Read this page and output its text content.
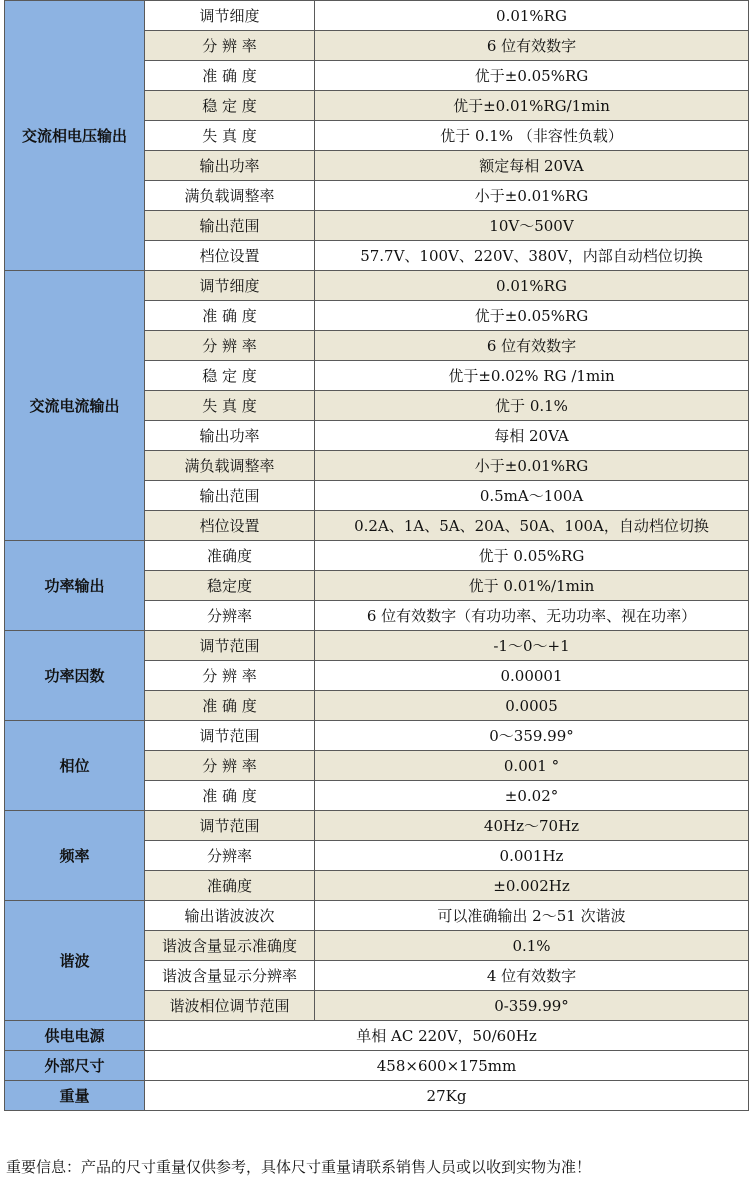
交流相电压输出	调节细度	0.01%RG
	分 辨 率	6 位有效数字
	准 确 度	优于±0.05%RG
	稳 定 度	优于±0.01%RG/1min
	失 真 度	优于 0.1% （非容性负载）
	输出功率	额定每相 20VA
	满负载调整率	小于±0.01%RG
	输出范围	10V～500V
	档位设置	57.7V、100V、220V、380V，内部自动档位切换
交流电流输出	调节细度	0.01%RG
	准 确 度	优于±0.05%RG
	分 辨 率	6 位有效数字
	稳 定 度	优于±0.02% RG /1min
	失 真 度	优于 0.1%
	输出功率	每相 20VA
	满负载调整率	小于±0.01%RG
	输出范围	0.5mA～100A
	档位设置	0.2A、1A、5A、20A、50A、100A，自动档位切换
功率输出	准确度	优于 0.05%RG
	稳定度	优于 0.01%/1min
	分辨率	6 位有效数字（有功功率、无功功率、视在功率）
功率因数	调节范围	-1～0～+1
	分 辨 率	0.00001
	准 确 度	0.0005
相位	调节范围	0～359.99°
	分 辨 率	0.001 °
	准 确 度	±0.02°
频率	调节范围	40Hz～70Hz
	分辨率	0.001Hz
	准确度	±0.002Hz
谐波	输出谐波波次	可以准确输出 2～51 次谐波
	谐波含量显示准确度	0.1%
	谐波含量显示分辨率	4 位有效数字
	谐波相位调节范围	0-359.99°
供电电源	单相 AC 220V，50/60Hz	
外部尺寸	458×600×175mm	
重量	27Kg	
重要信息：产品的尺寸重量仅供参考，具体尺寸重量请联系销售人员或以收到实物为准！
